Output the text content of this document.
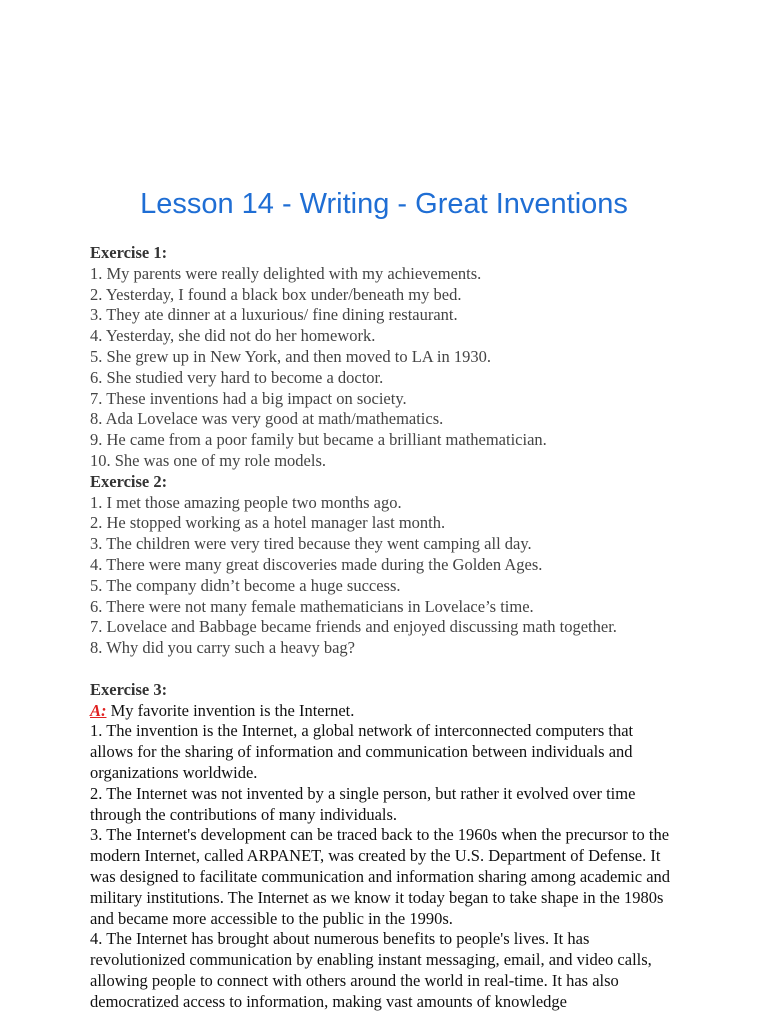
Lesson 14 - Writing - Great Inventions
Exercise 1:
1. My parents were really delighted with my achievements.
2. Yesterday, I found a black box under/beneath my bed.
3. They ate dinner at a luxurious/ fine dining restaurant.
4. Yesterday, she did not do her homework.
5. She grew up in New York, and then moved to LA in 1930.
6. She studied very hard to become a doctor.
7. These inventions had a big impact on society.
8. Ada Lovelace was very good at math/mathematics.
9. He came from a poor family but became a brilliant mathematician.
10. She was one of my role models.
Exercise 2:
1. I met those amazing people two months ago.
2. He stopped working as a hotel manager last month.
3. The children were very tired because they went camping all day.
4. There were many great discoveries made during the Golden Ages.
5. The company didn’t become a huge success.
6. There were not many female mathematicians in Lovelace’s time.
7. Lovelace and Babbage became friends and enjoyed discussing math together.
8. Why did you carry such a heavy bag?
Exercise 3:
A: My favorite invention is the Internet.
1. The invention is the Internet, a global network of interconnected computers that allows for the sharing of information and communication between individuals and organizations worldwide.
2. The Internet was not invented by a single person, but rather it evolved over time through the contributions of many individuals.
3. The Internet's development can be traced back to the 1960s when the precursor to the modern Internet, called ARPANET, was created by the U.S. Department of Defense. It was designed to facilitate communication and information sharing among academic and military institutions. The Internet as we know it today began to take shape in the 1980s and became more accessible to the public in the 1990s.
4. The Internet has brought about numerous benefits to people's lives. It has revolutionized communication by enabling instant messaging, email, and video calls, allowing people to connect with others around the world in real-time. It has also democratized access to information, making vast amounts of knowledge
